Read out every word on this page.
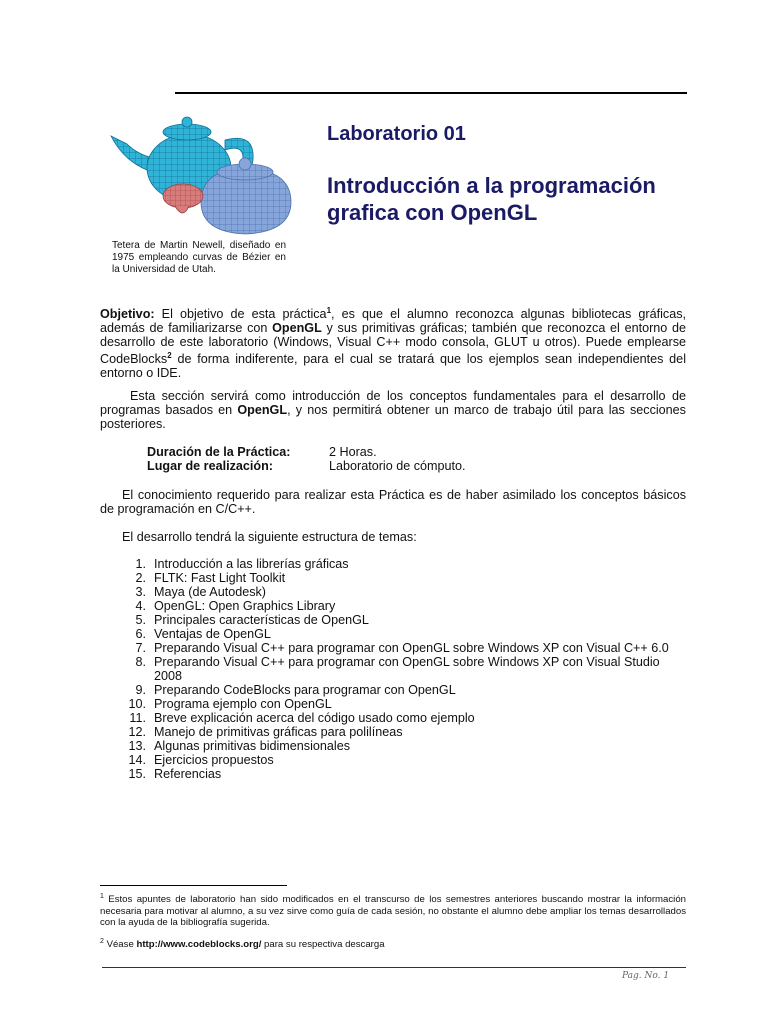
Tetera de Martin Newell, diseñado en 1975 empleando curvas de Bézier en la Universidad de Utah.
Laboratorio 01
Introducción a la programación grafica con OpenGL
Objetivo: El objetivo de esta práctica$^1$, es que el alumno reconozca algunas bibliotecas gráficas, además de familiarizarse con OpenGL y sus primitivas gráficas; también que reconozca el entorno de desarrollo de este laboratorio (Windows, Visual C++ modo consola, GLUT u otros). Puede emplearse CodeBlocks$^2$ de forma indiferente, para el cual se tratará que los ejemplos sean independientes del entorno o IDE.
Esta sección servirá como introducción de los conceptos fundamentales para el desarrollo de programas basados en OpenGL, y nos permitirá obtener un marco de trabajo útil para las secciones posteriores.
Duración de la Práctica:	2 Horas.
Lugar de realización:	Laboratorio de cómputo.
El conocimiento requerido para realizar esta Práctica es de haber asimilado los conceptos básicos de programación en C/C++.
El desarrollo tendrá la siguiente estructura de temas:
1. Introducción a las librerías gráficas
2. FLTK: Fast Light Toolkit
3. Maya (de Autodesk)
4. OpenGL: Open Graphics Library
5. Principales características de OpenGL
6. Ventajas de OpenGL
7. Preparando Visual C++ para programar con OpenGL sobre Windows XP con Visual C++ 6.0
8. Preparando Visual C++ para programar con OpenGL sobre Windows XP con Visual Studio
2008
9. Preparando CodeBlocks para programar con OpenGL
10. Programa ejemplo con OpenGL
11. Breve explicación acerca del código usado como ejemplo
12. Manejo de primitivas gráficas para polilíneas
13. Algunas primitivas bidimensionales
14. Ejercicios propuestos
15. Referencias
$^1$ Estos apuntes de laboratorio han sido modificados en el transcurso de los semestres anteriores buscando mostrar la información necesaria para motivar al alumno, a su vez sirve como guía de cada sesión, no obstante el alumno debe ampliar los temas desarrollados con la ayuda de la bibliografía sugerida.
$^2$ Véase http://www.codeblocks.org/ para su respectiva descarga
Pag. No. 1
